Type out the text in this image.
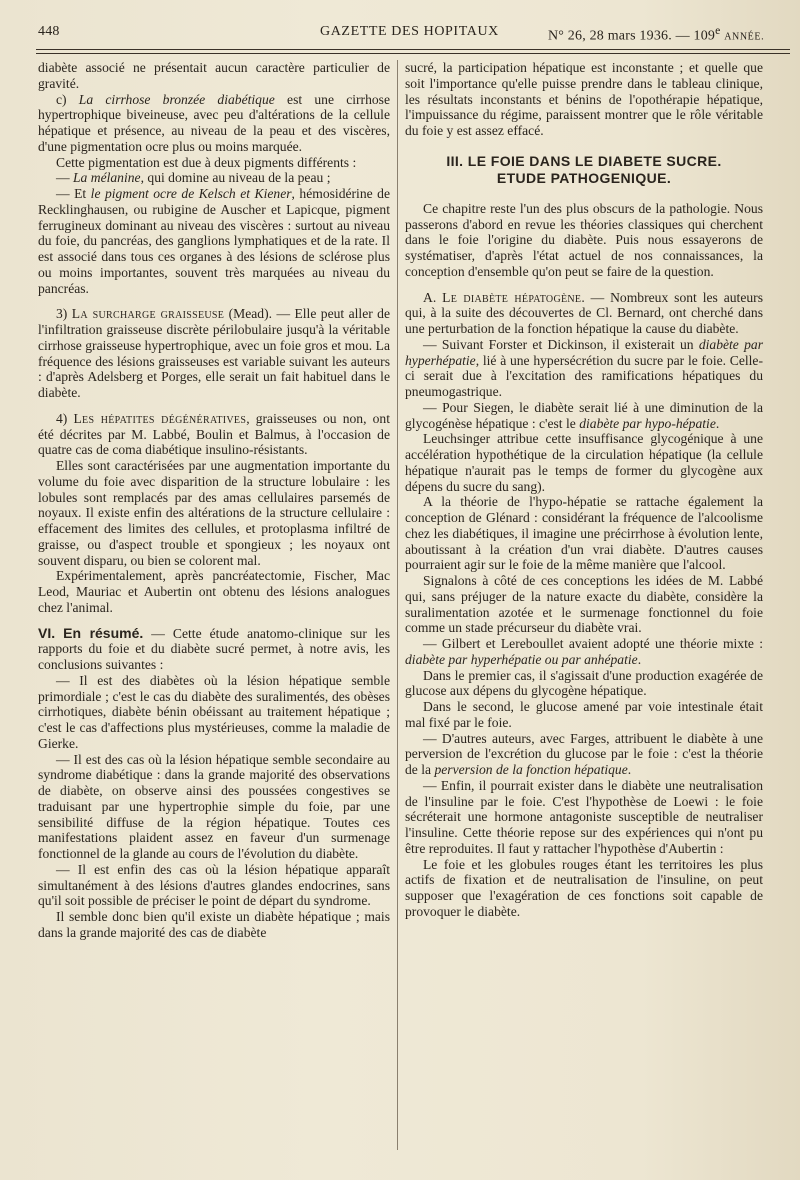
448	GAZETTE DES HOPITAUX	N° 26, 28 mars 1936. — 109e ANNÉE.

diabète associé ne présentait aucun caractère particulier de gravité.

c) La cirrhose bronzée diabétique est une cirrhose hypertrophique biveineuse, avec peu d'altérations de la cellule hépatique et présence, au niveau de la peau et des viscères, d'une pigmentation ocre plus ou moins marquée.

Cette pigmentation est due à deux pigments différents :

— La mélanine, qui domine au niveau de la peau ;

— Et le pigment ocre de Kelsch et Kiener, hémosidérine de Recklinghausen, ou rubigine de Auscher et Lapicque, pigment ferrugineux dominant au niveau des viscères : surtout au niveau du foie, du pancréas, des ganglions lymphatiques et de la rate. Il est associé dans tous ces organes à des lésions de sclérose plus ou moins importantes, souvent très marquées au niveau du pancréas.

3) La surcharge graisseuse (Mead). — Elle peut aller de l'infiltration graisseuse discrète périlobulaire jusqu'à la véritable cirrhose graisseuse hypertrophique, avec un foie gros et mou. La fréquence des lésions graisseuses est variable suivant les auteurs : d'après Adelsberg et Porges, elle serait un fait habituel dans le diabète.

4) Les hépatites dégénératives, graisseuses ou non, ont été décrites par M. Labbé, Boulin et Balmus, à l'occasion de quatre cas de coma diabétique insulino-résistants.

Elles sont caractérisées par une augmentation importante du volume du foie avec disparition de la structure lobulaire : les lobules sont remplacés par des amas cellulaires parsemés de noyaux. Il existe enfin des altérations de la structure cellulaire : effacement des limites des cellules, et protoplasma infiltré de graisse, ou d'aspect trouble et spongieux ; les noyaux ont souvent disparu, ou bien se colorent mal.

Expérimentalement, après pancréatectomie, Fischer, Mac Leod, Mauriac et Aubertin ont obtenu des lésions analogues chez l'animal.

VI. En résumé. — Cette étude anatomo-clinique sur les rapports du foie et du diabète sucré permet, à notre avis, les conclusions suivantes :

— Il est des diabètes où la lésion hépatique semble primordiale ; c'est le cas du diabète des suralimentés, des obèses cirrhotiques, diabète bénin obéissant au traitement hépatique ; c'est le cas d'affections plus mystérieuses, comme la maladie de Gierke.

— Il est des cas où la lésion hépatique semble secondaire au syndrome diabétique : dans la grande majorité des observations de diabète, on observe ainsi des poussées congestives se traduisant par une hypertrophie simple du foie, par une sensibilité diffuse de la région hépatique. Toutes ces manifestations plaident assez en faveur d'un surmenage fonctionnel de la glande au cours de l'évolution du diabète.

— Il est enfin des cas où la lésion hépatique apparaît simultanément à des lésions d'autres glandes endocrines, sans qu'il soit possible de préciser le point de départ du syndrome.

Il semble donc bien qu'il existe un diabète hépatique ; mais dans la grande majorité des cas de diabète

sucré, la participation hépatique est inconstante ; et quelle que soit l'importance qu'elle puisse prendre dans le tableau clinique, les résultats inconstants et bénins de l'opothérapie hépatique, l'impuissance du régime, paraissent montrer que le rôle véritable du foie y est assez effacé.

III. LE FOIE DANS LE DIABETE SUCRE.
ETUDE PATHOGENIQUE.

Ce chapitre reste l'un des plus obscurs de la pathologie. Nous passerons d'abord en revue les théories classiques qui cherchent dans le foie l'origine du diabète. Puis nous essayerons de systématiser, d'après l'état actuel de nos connaissances, la conception d'ensemble qu'on peut se faire de la question.

A. Le diabète hépatogène. — Nombreux sont les auteurs qui, à la suite des découvertes de Cl. Bernard, ont cherché dans une perturbation de la fonction hépatique la cause du diabète.

— Suivant Forster et Dickinson, il existerait un diabète par hyperhépatie, lié à une hypersécrétion du sucre par le foie. Celle-ci serait due à l'excitation des ramifications hépatiques du pneumogastrique.

— Pour Siegen, le diabète serait lié à une diminution de la glycogénèse hépatique : c'est le diabète par hypo-hépatie.

Leuchsinger attribue cette insuffisance glycogénique à une accélération hypothétique de la circulation hépatique (la cellule hépatique n'aurait pas le temps de former du glycogène aux dépens du sucre du sang).

A la théorie de l'hypo-hépatie se rattache également la conception de Glénard : considérant la fréquence de l'alcoolisme chez les diabétiques, il imagine une précirrhose à évolution lente, aboutissant à la création d'un vrai diabète. D'autres causes pourraient agir sur le foie de la même manière que l'alcool.

Signalons à côté de ces conceptions les idées de M. Labbé qui, sans préjuger de la nature exacte du diabète, considère la suralimentation azotée et le surmenage fonctionnel du foie comme un stade précurseur du diabète vrai.

— Gilbert et Lereboullet avaient adopté une théorie mixte : diabète par hyperhépatie ou par anhépatie.

Dans le premier cas, il s'agissait d'une production exagérée de glucose aux dépens du glycogène hépatique.

Dans le second, le glucose amené par voie intestinale était mal fixé par le foie.

— D'autres auteurs, avec Farges, attribuent le diabète à une perversion de l'excrétion du glucose par le foie : c'est la théorie de la perversion de la fonction hépatique.

— Enfin, il pourrait exister dans le diabète une neutralisation de l'insuline par le foie. C'est l'hypothèse de Loewi : le foie sécréterait une hormone antagoniste susceptible de neutraliser l'insuline. Cette théorie repose sur des expériences qui n'ont pu être reproduites. Il faut y rattacher l'hypothèse d'Aubertin :

Le foie et les globules rouges étant les territoires les plus actifs de fixation et de neutralisation de l'insuline, on peut supposer que l'exagération de ces fonctions soit capable de provoquer le diabète.
